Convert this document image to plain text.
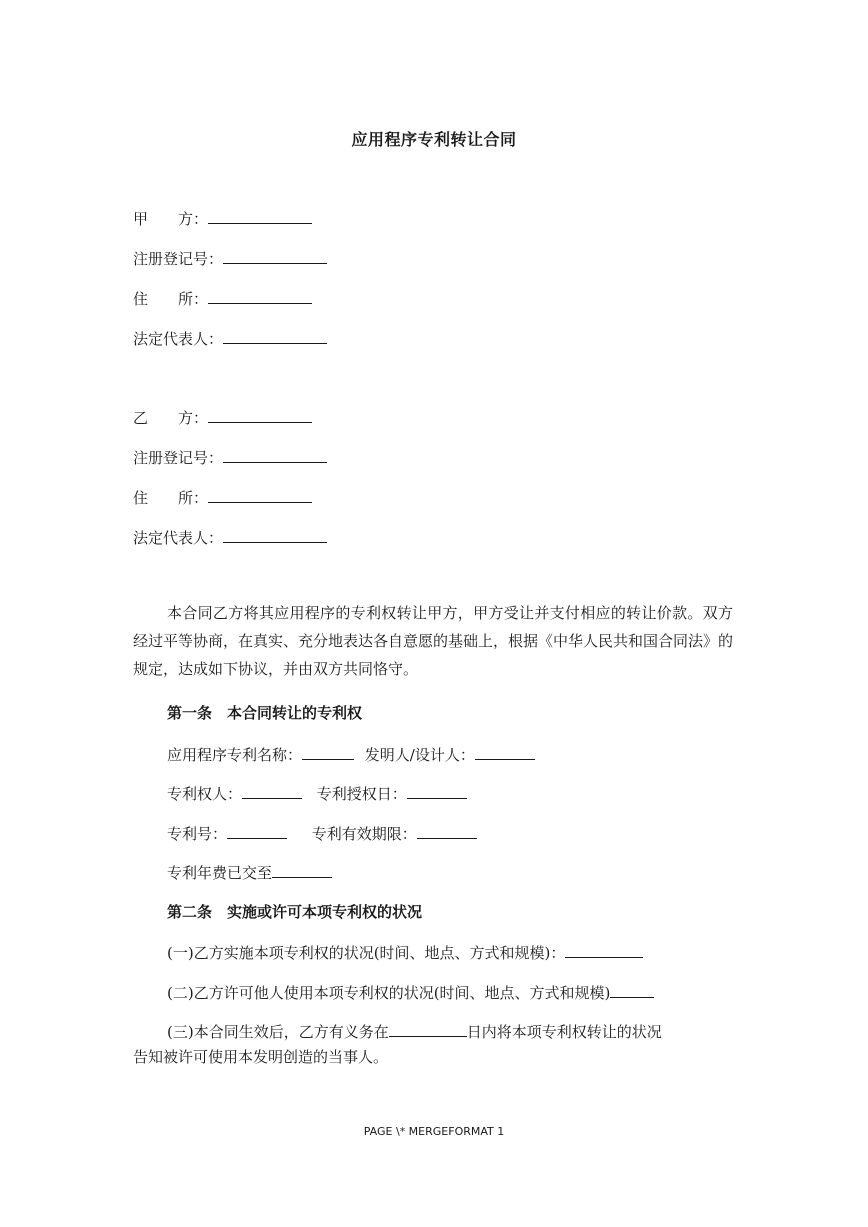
应用程序专利转让合同
甲　　方：
注册登记号：
住　　所：
法定代表人：
乙　　方：
注册登记号：
住　　所：
法定代表人：
本合同乙方将其应用程序的专利权转让甲方，甲方受让并支付相应的转让价款。双方经过平等协商，在真实、充分地表达各自意愿的基础上，根据《中华人民共和国合同法》的规定，达成如下协议，并由双方共同恪守。
第一条　本合同转让的专利权
应用程序专利名称：	发明人/设计人：
专利权人：	专利授权日：
专利号：	专利有效期限：
专利年费已交至
第二条　实施或许可本项专利权的状况
(一)乙方实施本项专利权的状况(时间、地点、方式和规模)：
(二)乙方许可他人使用本项专利权的状况(时间、地点、方式和规模)
(三)本合同生效后，乙方有义务在	日内将本项专利权转让的状况
告知被许可使用本发明创造的当事人。
PAGE \* MERGEFORMAT 1
